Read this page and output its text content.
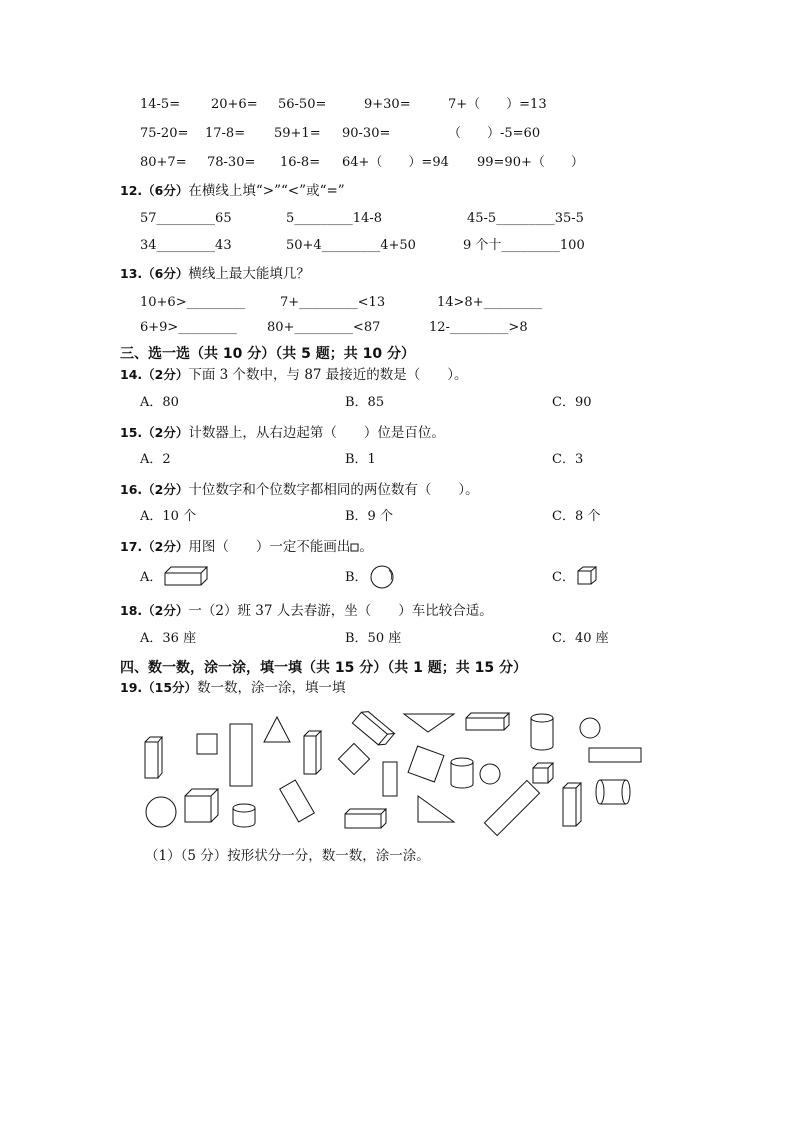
14-5= 20+6= 56-50=	9+30=	7+（　　）=13
75-20= 17-8= 59+1= 90-30=	（　　）-5=60
80+7= 78-30= 16-8= 64+（　　）=94 99=90+（　　）
12.（6分）在横线上填“>”“<”或“=”
57_________65	5_________14-8	45-5_________35-5
34_________43	50+4_________4+50	9 个十_________100
13.（6分）横线上最大能填几？
10+6>_________	7+_________<13	14>8+_________
6+9>_________ 80+_________<87	12-_________>8
三、选一选（共 10 分）（共 5 题；共 10 分）
14.（2分）下面 3 个数中，与 87 最接近的数是（　　）。
A．80	B．85	C．90
15.（2分）计数器上，从右边起第（　　）位是百位。
A．2	B．1	C．3
16.（2分）十位数字和个位数字都相同的两位数有（　　）。
A．10 个	B．9 个	C．8 个
17.（2分）用图（　　）一定不能画出 。
A．	B．	C．
18.（2分）一（2）班 37 人去春游，坐（　　）车比较合适。
A．36 座	B．50 座	C．40 座
四、数一数，涂一涂，填一填（共 15 分）（共 1 题；共 15 分）
19.（15分）数一数，涂一涂，填一填
（1）（5 分）按形状分一分，数一数，涂一涂。
